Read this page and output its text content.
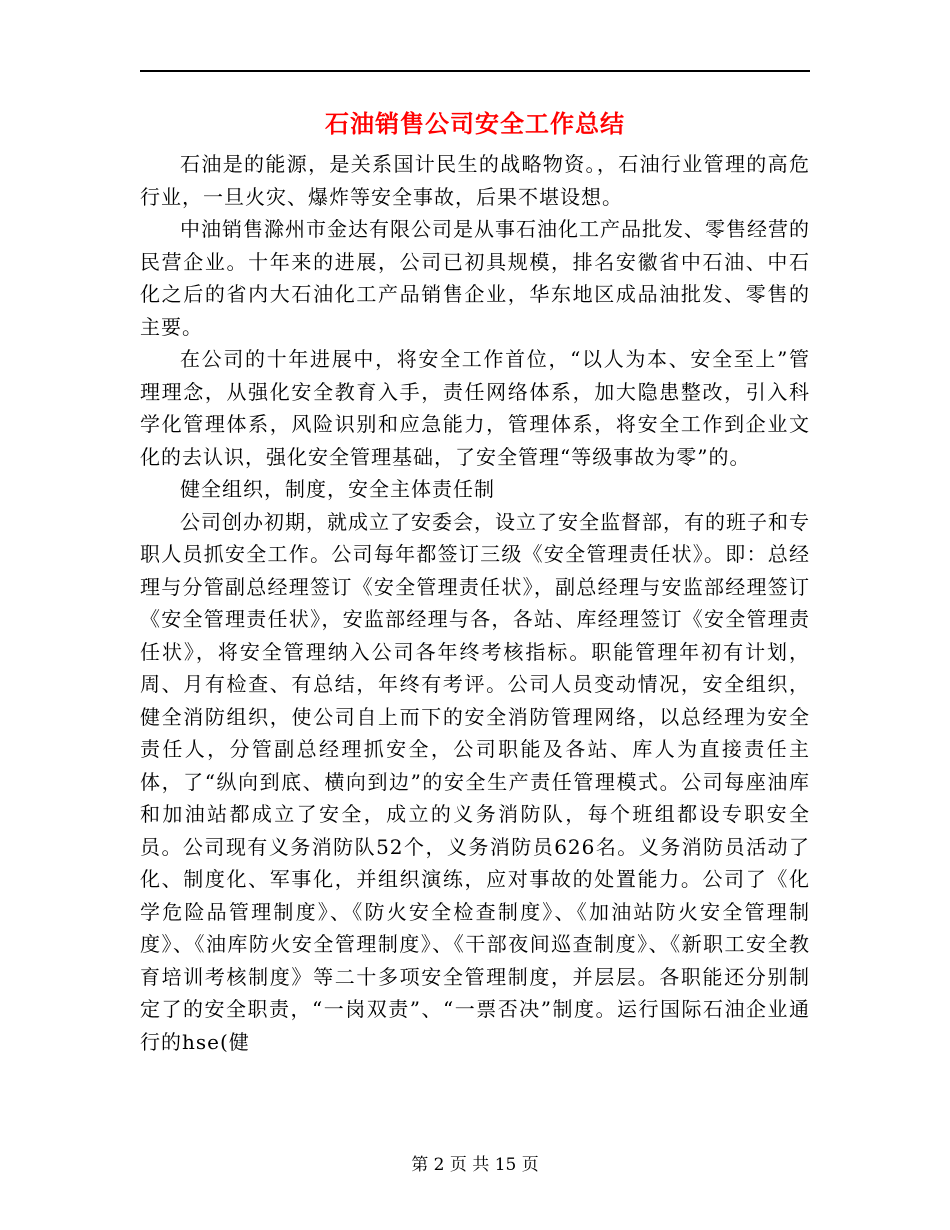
石油销售公司安全工作总结

石油是的能源，是关系国计民生的战略物资。，石油行业管理的高危行业，一旦火灾、爆炸等安全事故，后果不堪设想。

中油销售滁州市金达有限公司是从事石油化工产品批发、零售经营的民营企业。十年来的进展，公司已初具规模，排名安徽省中石油、中石化之后的省内大石油化工产品销售企业，华东地区成品油批发、零售的主要。

在公司的十年进展中，将安全工作首位，“以人为本、安全至上”管理理念，从强化安全教育入手，责任网络体系，加大隐患整改，引入科学化管理体系，风险识别和应急能力，管理体系，将安全工作到企业文化的去认识，强化安全管理基础，了安全管理“等级事故为零”的。

健全组织，制度，安全主体责任制

公司创办初期，就成立了安委会，设立了安全监督部，有的班子和专职人员抓安全工作。公司每年都签订三级《安全管理责任状》。即：总经理与分管副总经理签订《安全管理责任状》，副总经理与安监部经理签订《安全管理责任状》，安监部经理与各，各站、库经理签订《安全管理责任状》，将安全管理纳入公司各年终考核指标。职能管理年初有计划，周、月有检查、有总结，年终有考评。公司人员变动情况，安全组织，健全消防组织，使公司自上而下的安全消防管理网络，以总经理为安全责任人，分管副总经理抓安全，公司职能及各站、库人为直接责任主体，了“纵向到底、横向到边”的安全生产责任管理模式。公司每座油库和加油站都成立了安全，成立的义务消防队，每个班组都设专职安全员。公司现有义务消防队52个，义务消防员626名。义务消防员活动了化、制度化、军事化，并组织演练，应对事故的处置能力。公司了《化学危险品管理制度》、《防火安全检查制度》、《加油站防火安全管理制度》、《油库防火安全管理制度》、《干部夜间巡查制度》、《新职工安全教育培训考核制度》等二十多项安全管理制度，并层层。各职能还分别制定了的安全职责，“一岗双责”、“一票否决”制度。运行国际石油企业通行的hse(健

第 2 页 共 15 页
